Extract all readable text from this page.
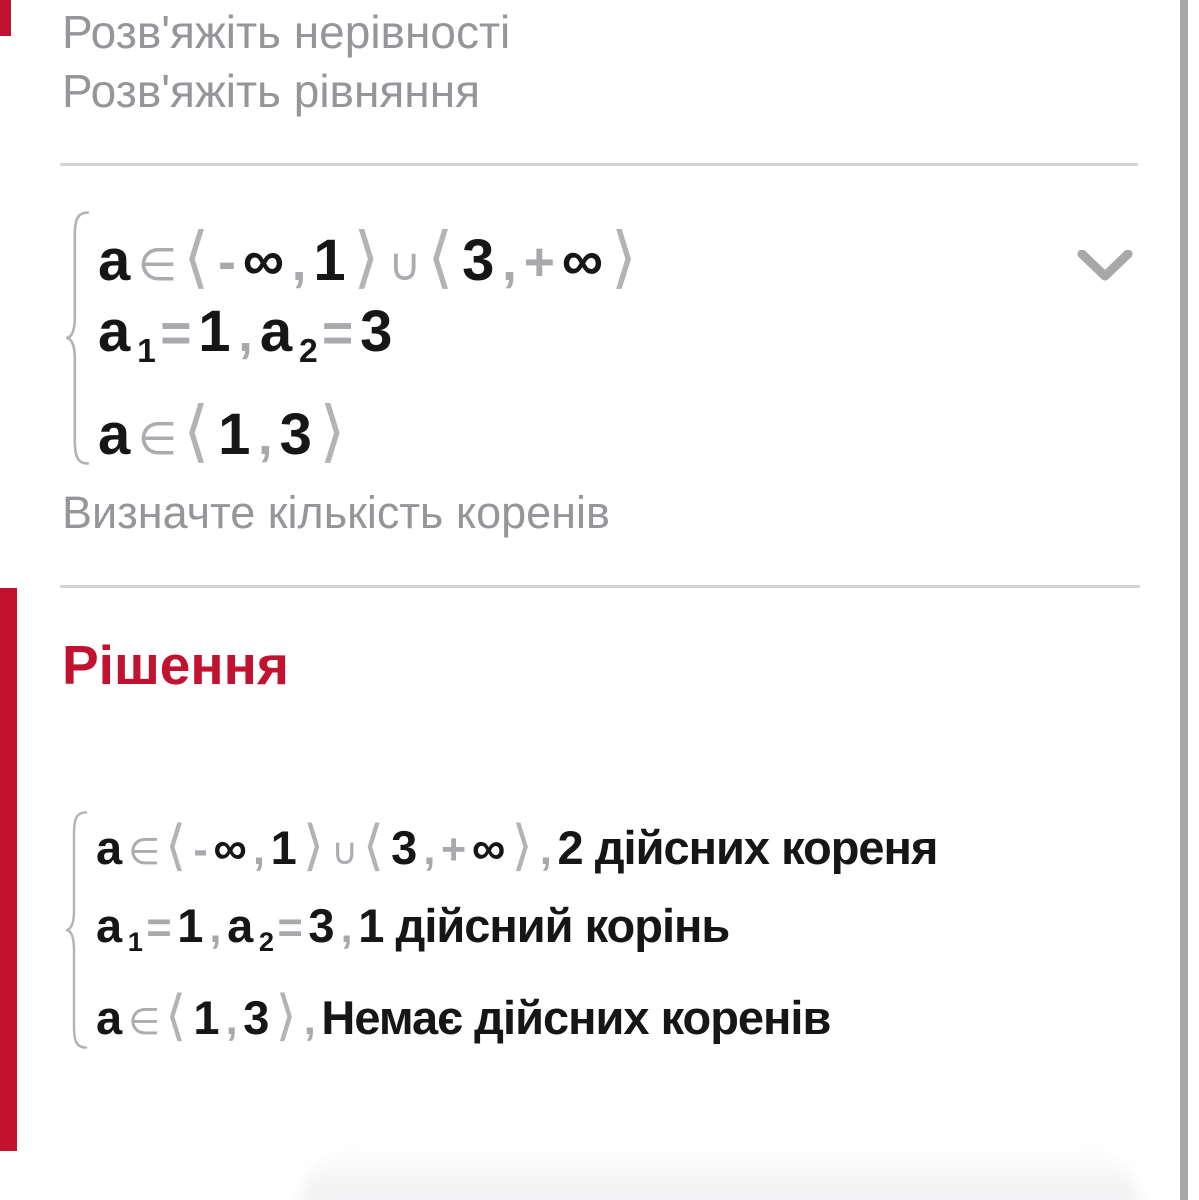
Розв'яжіть нерівності
Розв'яжіть рівняння
a ∈⟨ - ∞ , 1 ⟩ ∪⟨ 3 , + ∞ ⟩
a $_1$= 1 , a $_2$= 3
a ∈⟨ 1 , 3 ⟩
Визначте кількість коренів
Рішення
a ∈⟨ - ∞ , 1 ⟩ ∪⟨ 3 , + ∞ ⟩ , 2 дійсних кореня
a $_1$= 1 , a $_2$= 3 , 1 дійсний корінь
a ∈⟨ 1 , 3 ⟩ , Немає дійсних коренів
